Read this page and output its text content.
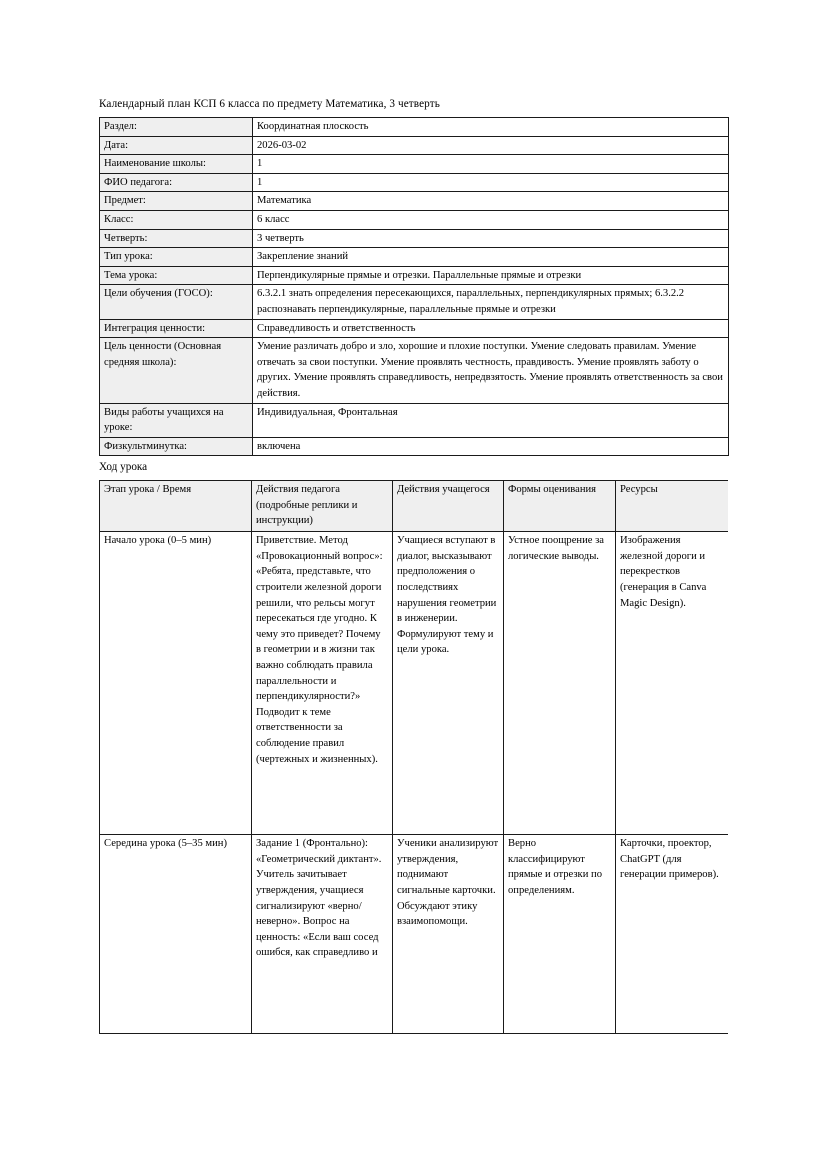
Календарный план КСП 6 класса по предмету Математика, 3 четверть

Раздел:	Координатная плоскость
Дата:	2026-03-02
Наименование школы:	1
ФИО педагога:	1
Предмет:	Математика
Класс:	6 класс
Четверть:	3 четверть
Тип урока:	Закрепление знаний
Тема урока:	Перпендикулярные прямые и отрезки. Параллельные прямые и отрезки
Цели обучения (ГОСО):	6.3.2.1 знать определения пересекающихся, параллельных, перпендикулярных прямых; 6.3.2.2 распознавать перпендикулярные, параллельные прямые и отрезки
Интеграция ценности:	Справедливость и ответственность
Цель ценности (Основная средняя школа):	Умение различать добро и зло, хорошие и плохие поступки. Умение следовать правилам. Умение отвечать за свои поступки. Умение проявлять честность, правдивость. Умение проявлять заботу о других. Умение проявлять справедливость, непредвзятость. Умение проявлять ответственность за свои действия.
Виды работы учащихся на уроке:	Индивидуальная, Фронтальная
Физкультминутка:	включена

Ход урока

Этап урока / Время	Действия педагога (подробные реплики и инструкции)	Действия учащегося	Формы оценивания	Ресурсы
Начало урока (0–5 мин)	Приветствие. Метод «Провокационный вопрос»: «Ребята, представьте, что строители железной дороги решили, что рельсы могут пересекаться где угодно. К чему это приведет? Почему в геометрии и в жизни так важно соблюдать правила параллельности и перпендикулярности?» Подводит к теме ответственности за соблюдение правил (чертежных и жизненных).	Учащиеся вступают в диалог, высказывают предположения о последствиях нарушения геометрии в инженерии. Формулируют тему и цели урока.	Устное поощрение за логические выводы.	Изображения железной дороги и перекрестков (генерация в Canva Magic Design).
Середина урока (5–35 мин)	Задание 1 (Фронтально): «Геометрический диктант». Учитель зачитывает утверждения, учащиеся сигнализируют «верно/неверно». Вопрос на ценность: «Если ваш сосед ошибся, как справедливо и	Ученики анализируют утверждения, поднимают сигнальные карточки. Обсуждают этику взаимопомощи.	Верно классифицируют прямые и отрезки по определениям.	Карточки, проектор, ChatGPT (для генерации примеров).
